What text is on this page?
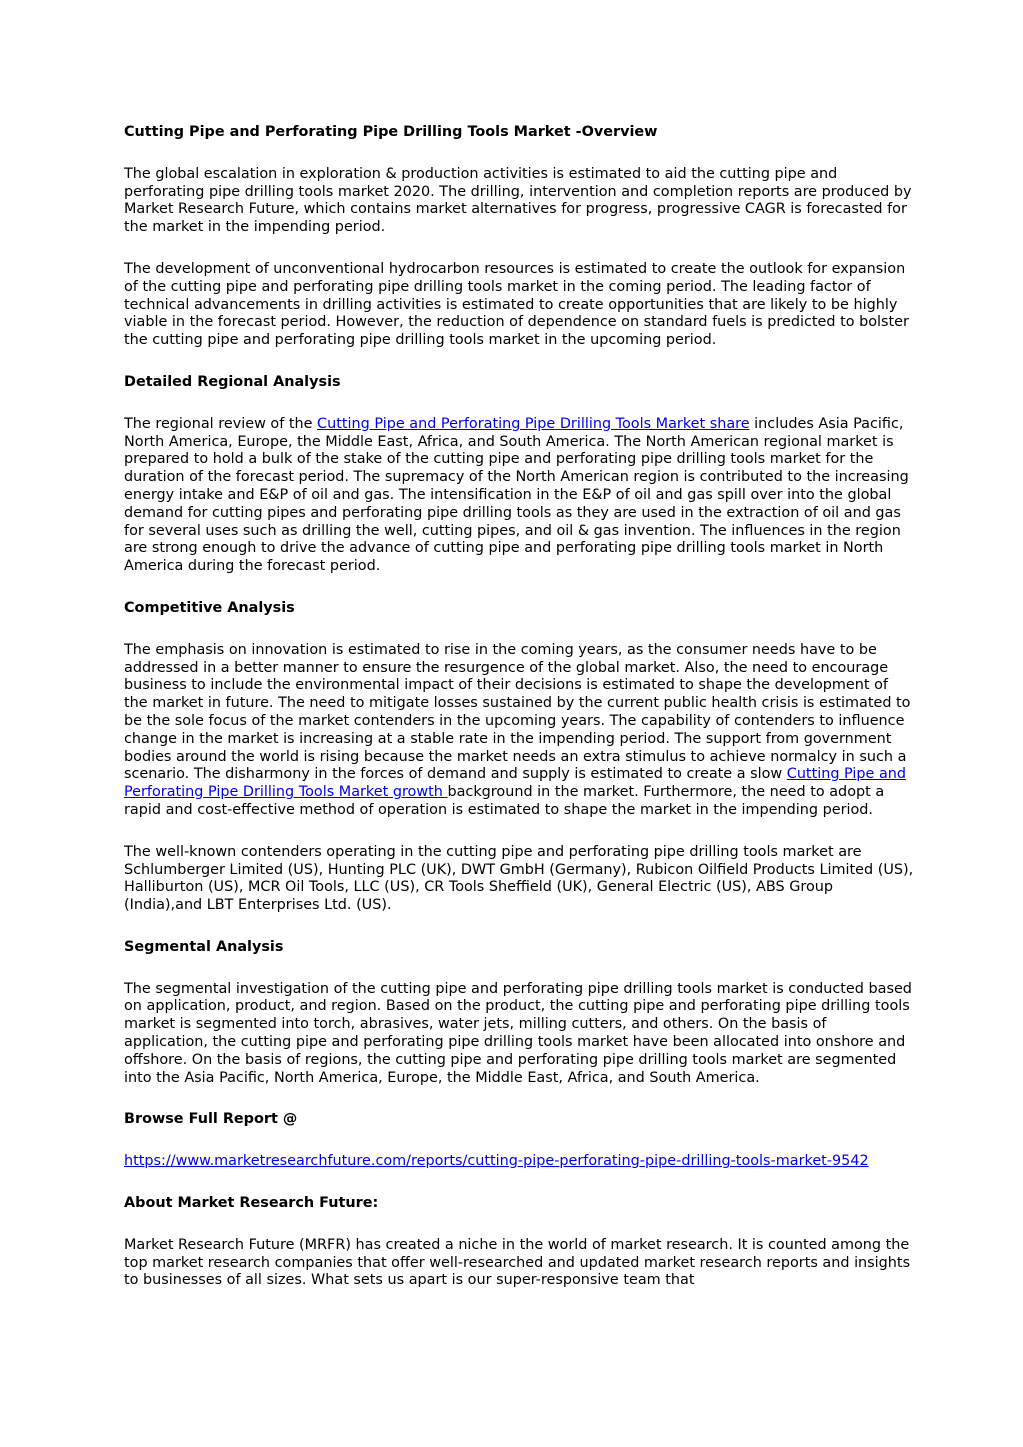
Cutting Pipe and Perforating Pipe Drilling Tools Market -Overview

The global escalation in exploration & production activities is estimated to aid the cutting pipe and perforating pipe drilling tools market 2020. The drilling, intervention and completion reports are produced by Market Research Future, which contains market alternatives for progress, progressive CAGR is forecasted for the market in the impending period.

The development of unconventional hydrocarbon resources is estimated to create the outlook for expansion of the cutting pipe and perforating pipe drilling tools market in the coming period. The leading factor of technical advancements in drilling activities is estimated to create opportunities that are likely to be highly viable in the forecast period. However, the reduction of dependence on standard fuels is predicted to bolster the cutting pipe and perforating pipe drilling tools market in the upcoming period.

Detailed Regional Analysis

The regional review of the Cutting Pipe and Perforating Pipe Drilling Tools Market share includes Asia Pacific, North America, Europe, the Middle East, Africa, and South America. The North American regional market is prepared to hold a bulk of the stake of the cutting pipe and perforating pipe drilling tools market for the duration of the forecast period. The supremacy of the North American region is contributed to the increasing energy intake and E&P of oil and gas. The intensification in the E&P of oil and gas spill over into the global demand for cutting pipes and perforating pipe drilling tools as they are used in the extraction of oil and gas for several uses such as drilling the well, cutting pipes, and oil & gas invention. The influences in the region are strong enough to drive the advance of cutting pipe and perforating pipe drilling tools market in North America during the forecast period.

Competitive Analysis

The emphasis on innovation is estimated to rise in the coming years, as the consumer needs have to be addressed in a better manner to ensure the resurgence of the global market. Also, the need to encourage business to include the environmental impact of their decisions is estimated to shape the development of the market in future. The need to mitigate losses sustained by the current public health crisis is estimated to be the sole focus of the market contenders in the upcoming years. The capability of contenders to influence change in the market is increasing at a stable rate in the impending period. The support from government bodies around the world is rising because the market needs an extra stimulus to achieve normalcy in such a scenario. The disharmony in the forces of demand and supply is estimated to create a slow Cutting Pipe and Perforating Pipe Drilling Tools Market growth background in the market. Furthermore, the need to adopt a rapid and cost-effective method of operation is estimated to shape the market in the impending period.

The well-known contenders operating in the cutting pipe and perforating pipe drilling tools market are Schlumberger Limited (US), Hunting PLC (UK), DWT GmbH (Germany), Rubicon Oilfield Products Limited (US), Halliburton (US), MCR Oil Tools, LLC (US), CR Tools Sheffield (UK), General Electric (US), ABS Group (India),and LBT Enterprises Ltd. (US).

Segmental Analysis

The segmental investigation of the cutting pipe and perforating pipe drilling tools market is conducted based on application, product, and region. Based on the product, the cutting pipe and perforating pipe drilling tools market is segmented into torch, abrasives, water jets, milling cutters, and others. On the basis of application, the cutting pipe and perforating pipe drilling tools market have been allocated into onshore and offshore. On the basis of regions, the cutting pipe and perforating pipe drilling tools market are segmented into the Asia Pacific, North America, Europe, the Middle East, Africa, and South America.

Browse Full Report @

https://www.marketresearchfuture.com/reports/cutting-pipe-perforating-pipe-drilling-tools-market-9542

About Market Research Future:

Market Research Future (MRFR) has created a niche in the world of market research. It is counted among the top market research companies that offer well-researched and updated market research reports and insights to businesses of all sizes. What sets us apart is our super-responsive team that
